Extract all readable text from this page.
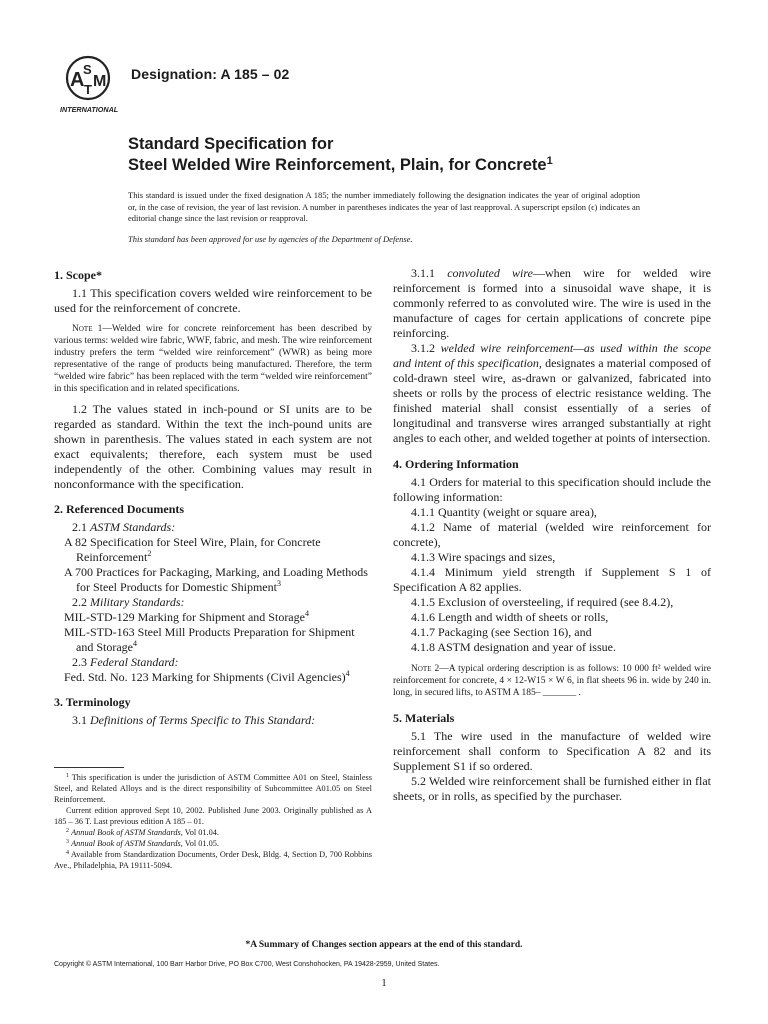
A
S
T M
INTERNATIONAL
Designation: A 185 – 02
Standard Specification for
Steel Welded Wire Reinforcement, Plain, for Concrete$^1$
This standard is issued under the fixed designation A 185; the number immediately following the designation indicates the year of original adoption or, in the case of revision, the year of last revision. A number in parentheses indicates the year of last reapproval. A superscript epsilon (ϵ) indicates an editorial change since the last revision or reapproval.
This standard has been approved for use by agencies of the Department of Defense.
1. Scope*

1.1 This specification covers welded wire reinforcement to be used for the reinforcement of concrete.

Note 1—Welded wire for concrete reinforcement has been described by various terms: welded wire fabric, WWF, fabric, and mesh. The wire reinforcement industry prefers the term “welded wire reinforcement” (WWR) as being more representative of the range of products being manufactured. Therefore, the term “welded wire fabric” has been replaced with the term “welded wire reinforcement” in this specification and in related specifications.

1.2 The values stated in inch-pound or SI units are to be regarded as standard. Within the text the inch-pound units are shown in parenthesis. The values stated in each system are not exact equivalents; therefore, each system must be used independently of the other. Combining values may result in nonconformance with the specification.

2. Referenced Documents

2.1 ASTM Standards:

A 82 Specification for Steel Wire, Plain, for Concrete Reinforcement$^2$

A 700 Practices for Packaging, Marking, and Loading Methods for Steel Products for Domestic Shipment$^3$

2.2 Military Standards:

MIL-STD-129 Marking for Shipment and Storage$^4$

MIL-STD-163 Steel Mill Products Preparation for Shipment and Storage$^4$

2.3 Federal Standard:

Fed. Std. No. 123 Marking for Shipments (Civil Agencies)$^4$

3. Terminology

3.1 Definitions of Terms Specific to This Standard:

3.1.1 convoluted wire—when wire for welded wire reinforcement is formed into a sinusoidal wave shape, it is commonly referred to as convoluted wire. The wire is used in the manufacture of cages for certain applications of concrete pipe reinforcing.

3.1.2 welded wire reinforcement—as used within the scope and intent of this specification, designates a material composed of cold-drawn steel wire, as-drawn or galvanized, fabricated into sheets or rolls by the process of electric resistance welding. The finished material shall consist essentially of a series of longitudinal and transverse wires arranged substantially at right angles to each other, and welded together at points of intersection.

4. Ordering Information

4.1 Orders for material to this specification should include the following information:

4.1.1 Quantity (weight or square area),

4.1.2 Name of material (welded wire reinforcement for concrete),

4.1.3 Wire spacings and sizes,

4.1.4 Minimum yield strength if Supplement S 1 of Specification A 82 applies.

4.1.5 Exclusion of oversteeling, if required (see 8.4.2),

4.1.6 Length and width of sheets or rolls,

4.1.7 Packaging (see Section 16), and

4.1.8 ASTM designation and year of issue.

Note 2—A typical ordering description is as follows: 10 000 ft² welded wire reinforcement for concrete, 4 × 12-W15 × W 6, in flat sheets 96 in. wide by 240 in. long, in secured lifts, to ASTM A 185– _______ .

5. Materials

5.1 The wire used in the manufacture of welded wire reinforcement shall conform to Specification A 82 and its Supplement S1 if so ordered.

5.2 Welded wire reinforcement shall be furnished either in flat sheets, or in rolls, as specified by the purchaser.

$^1$ This specification is under the jurisdiction of ASTM Committee A01 on Steel, Stainless Steel, and Related Alloys and is the direct responsibility of Subcommittee A01.05 on Steel Reinforcement.

Current edition approved Sept 10, 2002. Published June 2003. Originally published as A 185 – 36 T. Last previous edition A 185 – 01.

$^2$ Annual Book of ASTM Standards, Vol 01.04.

$^3$ Annual Book of ASTM Standards, Vol 01.05.

$^4$ Available from Standardization Documents, Order Desk, Bldg. 4, Section D, 700 Robbins Ave., Philadelphia, PA 19111-5094.

*A Summary of Changes section appears at the end of this standard.
Copyright © ASTM International, 100 Barr Harbor Drive, PO Box C700, West Conshohocken, PA 19428-2959, United States.
1
